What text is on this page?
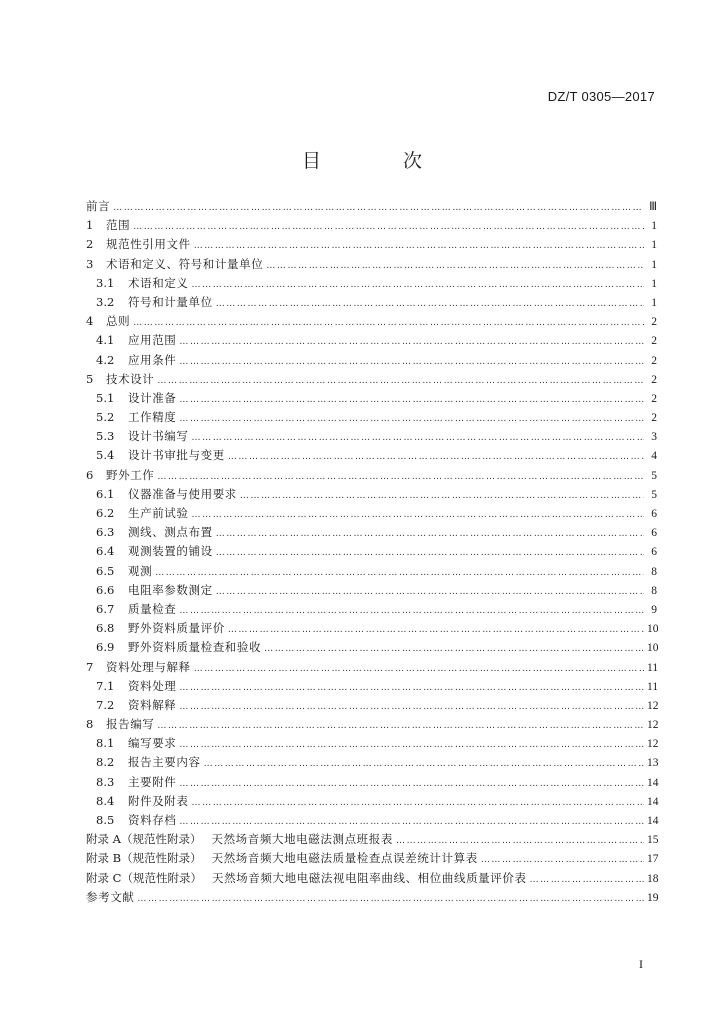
DZ/T 0305—2017
目 次
前言 …………………………………………………………………………………………………………………………………………………………………………………………………………………………………………………………………………	Ⅲ
1	范围 …………………………………………………………………………………………………………………………………………………………………………………………………………………………………………………………………………	1
2	规范性引用文件 …………………………………………………………………………………………………………………………………………………………………………………………………………………………………………………………………………	1
3	术语和定义、符号和计量单位 …………………………………………………………………………………………………………………………………………………………………………………………………………………………………………………………………………	1
3.1	术语和定义 …………………………………………………………………………………………………………………………………………………………………………………………………………………………………………………………………………	1
3.2	符号和计量单位 …………………………………………………………………………………………………………………………………………………………………………………………………………………………………………………………………………	1
4	总则 …………………………………………………………………………………………………………………………………………………………………………………………………………………………………………………………………………	2
4.1	应用范围 …………………………………………………………………………………………………………………………………………………………………………………………………………………………………………………………………………	2
4.2	应用条件 …………………………………………………………………………………………………………………………………………………………………………………………………………………………………………………………………………	2
5	技术设计 …………………………………………………………………………………………………………………………………………………………………………………………………………………………………………………………………………	2
5.1	设计准备 …………………………………………………………………………………………………………………………………………………………………………………………………………………………………………………………………………	2
5.2	工作精度 …………………………………………………………………………………………………………………………………………………………………………………………………………………………………………………………………………	2
5.3	设计书编写 …………………………………………………………………………………………………………………………………………………………………………………………………………………………………………………………………………	3
5.4	设计书审批与变更 …………………………………………………………………………………………………………………………………………………………………………………………………………………………………………………………………………	4
6	野外工作 …………………………………………………………………………………………………………………………………………………………………………………………………………………………………………………………………………	5
6.1	仪器准备与使用要求 …………………………………………………………………………………………………………………………………………………………………………………………………………………………………………………………………………	5
6.2	生产前试验 …………………………………………………………………………………………………………………………………………………………………………………………………………………………………………………………………………	6
6.3	测线、测点布置 …………………………………………………………………………………………………………………………………………………………………………………………………………………………………………………………………………	6
6.4	观测装置的铺设 …………………………………………………………………………………………………………………………………………………………………………………………………………………………………………………………………………	6
6.5	观测 …………………………………………………………………………………………………………………………………………………………………………………………………………………………………………………………………………	8
6.6	电阻率参数测定 …………………………………………………………………………………………………………………………………………………………………………………………………………………………………………………………………………	8
6.7	质量检查 …………………………………………………………………………………………………………………………………………………………………………………………………………………………………………………………………………	9
6.8	野外资料质量评价 …………………………………………………………………………………………………………………………………………………………………………………………………………………………………………………………………………	10
6.9	野外资料质量检查和验收 …………………………………………………………………………………………………………………………………………………………………………………………………………………………………………………………………………	10
7	资料处理与解释 …………………………………………………………………………………………………………………………………………………………………………………………………………………………………………………………………………	11
7.1	资料处理 …………………………………………………………………………………………………………………………………………………………………………………………………………………………………………………………………………	11
7.2	资料解释 …………………………………………………………………………………………………………………………………………………………………………………………………………………………………………………………………………	12
8	报告编写 …………………………………………………………………………………………………………………………………………………………………………………………………………………………………………………………………………	12
8.1	编写要求 …………………………………………………………………………………………………………………………………………………………………………………………………………………………………………………………………………	12
8.2	报告主要内容 …………………………………………………………………………………………………………………………………………………………………………………………………………………………………………………………………………	13
8.3	主要附件 …………………………………………………………………………………………………………………………………………………………………………………………………………………………………………………………………………	14
8.4	附件及附表 …………………………………………………………………………………………………………………………………………………………………………………………………………………………………………………………………………	14
8.5	资料存档 …………………………………………………………………………………………………………………………………………………………………………………………………………………………………………………………………………	14
附录 A（规范性附录） 天然场音频大地电磁法测点班报表 …………………………………………………………………………………………………………………………………………………………………………………………………………………………………………………………………………	15
附录 B（规范性附录） 天然场音频大地电磁法质量检查点误差统计计算表 …………………………………………………………………………………………………………………………………………………………………………………………………………………………………………………………………………	17
附录 C（规范性附录） 天然场音频大地电磁法视电阻率曲线、相位曲线质量评价表 …………………………………………………………………………………………………………………………………………………………………………………………………………………………………………………………………………	18
参考文献 …………………………………………………………………………………………………………………………………………………………………………………………………………………………………………………………………………	19
I
